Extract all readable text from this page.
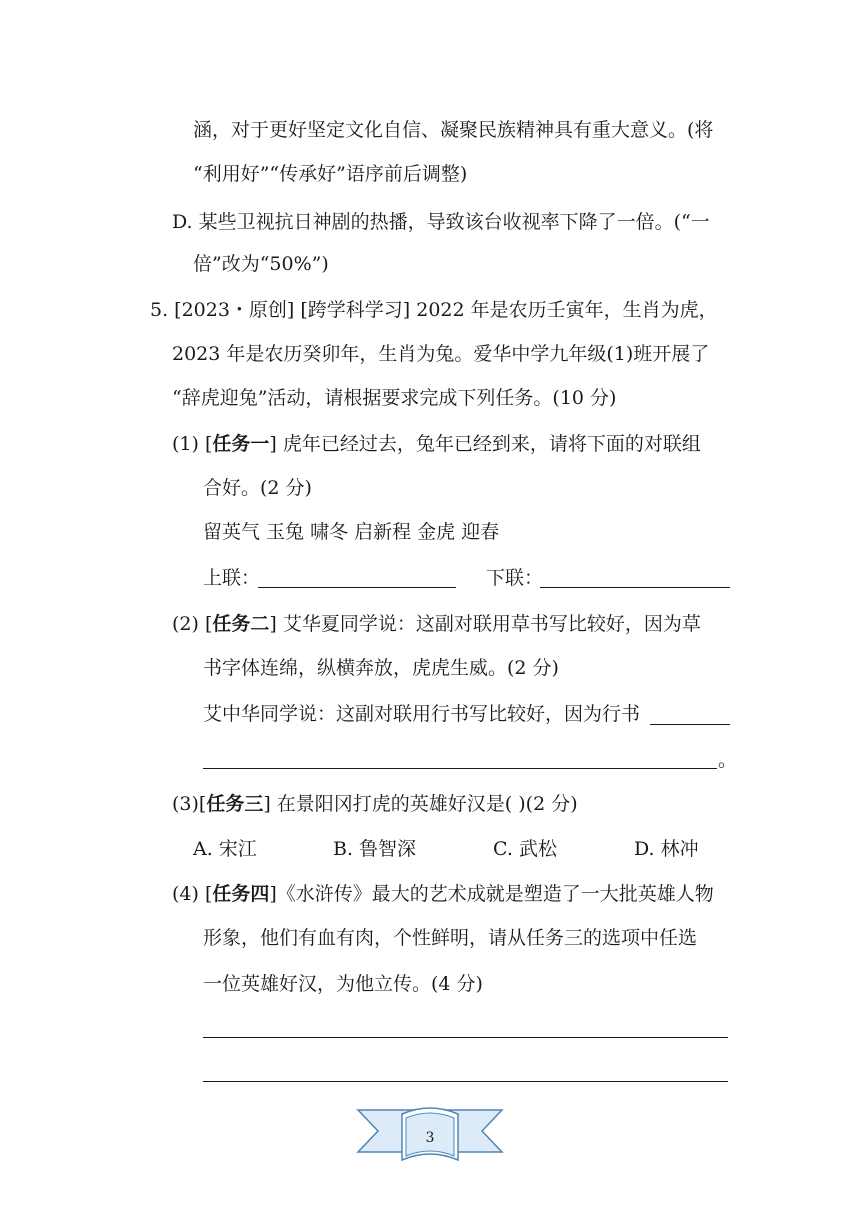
涵，对于更好坚定文化自信、凝聚民族精神具有重大意义。(将
“利用好”“传承好”语序前后调整)
D. 某些卫视抗日神剧的热播，导致该台收视率下降了一倍。(“一
倍”改为“50%”)
5. [2023・原创] [跨学科学习] 2022 年是农历壬寅年，生肖为虎，
2023 年是农历癸卯年，生肖为兔。爱华中学九年级(1)班开展了
“辞虎迎兔”活动，请根据要求完成下列任务。(10 分)
(1) [任务一] 虎年已经过去，兔年已经到来，请将下面的对联组
合好。(2 分)
留英气 玉兔 啸冬 启新程 金虎 迎春
上联：	下联：
(2) [任务二] 艾华夏同学说：这副对联用草书写比较好，因为草
书字体连绵，纵横奔放，虎虎生威。(2 分)
艾中华同学说：这副对联用行书写比较好，因为行书
。
(3)[任务三] 在景阳冈打虎的英雄好汉是( )(2 分)
A. 宋江	B. 鲁智深	C. 武松	D. 林冲
(4) [任务四]《水浒传》最大的艺术成就是塑造了一大批英雄人物
形象，他们有血有肉，个性鲜明，请从任务三的选项中任选
一位英雄好汉，为他立传。(4 分)
3
